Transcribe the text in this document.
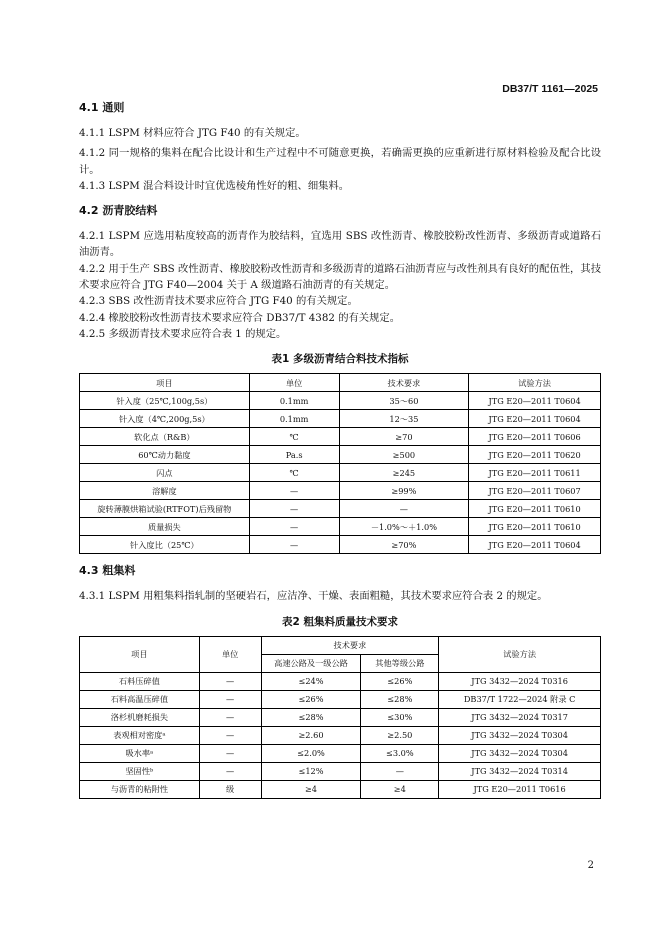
DB37/T 1161—2025

4.1 通则

4.1.1 LSPM 材料应符合 JTG F40 的有关规定。

4.1.2 同一规格的集料在配合比设计和生产过程中不可随意更换，若确需更换的应重新进行原材料检验及配合比设计。

4.1.3 LSPM 混合料设计时宜优选棱角性好的粗、细集料。

4.2 沥青胶结料

4.2.1 LSPM 应选用粘度较高的沥青作为胶结料，宜选用 SBS 改性沥青、橡胶胶粉改性沥青、多级沥青或道路石油沥青。

4.2.2 用于生产 SBS 改性沥青、橡胶胶粉改性沥青和多级沥青的道路石油沥青应与改性剂具有良好的配伍性，其技术要求应符合 JTG F40—2004 关于 A 级道路石油沥青的有关规定。

4.2.3 SBS 改性沥青技术要求应符合 JTG F40 的有关规定。

4.2.4 橡胶胶粉改性沥青技术要求应符合 DB37/T 4382 的有关规定。

4.2.5 多级沥青技术要求应符合表 1 的规定。

表1 多级沥青结合料技术指标

项目	单位	技术要求	试验方法
针入度（25℃,100g,5s）	0.1mm	35～60	JTG E20—2011 T0604
针入度（4℃,200g,5s）	0.1mm	12～35	JTG E20—2011 T0604
软化点（R&B）	℃	≥70	JTG E20—2011 T0606
60℃动力黏度	Pa.s	≥500	JTG E20—2011 T0620
闪点	℃	≥245	JTG E20—2011 T0611
溶解度	—	≥99%	JTG E20—2011 T0607
旋转薄膜烘箱试验(RTFOT)后残留物	—	—	JTG E20—2011 T0610
质量损失	—	－1.0%～＋1.0%	JTG E20—2011 T0610
针入度比（25℃）	—	≥70%	JTG E20—2011 T0604

4.3 粗集料

4.3.1 LSPM 用粗集料指轧制的坚硬岩石，应洁净、干燥、表面粗糙，其技术要求应符合表 2 的规定。

表2 粗集料质量技术要求

项目	单位	技术要求		试验方法
		高速公路及一级公路	其他等级公路	
石料压碎值	—	≤24%	≤26%	JTG 3432—2024 T0316
石料高温压碎值	—	≤26%	≤28%	DB37/T 1722—2024 附录 C
洛杉机磨耗损失	—	≤28%	≤30%	JTG 3432—2024 T0317
表观相对密度ᵃ	—	≥2.60	≥2.50	JTG 3432—2024 T0304
吸水率ᵃ	—	≤2.0%	≤3.0%	JTG 3432—2024 T0304
坚固性ᵇ	—	≤12%	—	JTG 3432—2024 T0314
与沥青的粘附性	级	≥4	≥4	JTG E20—2011 T0616
2
